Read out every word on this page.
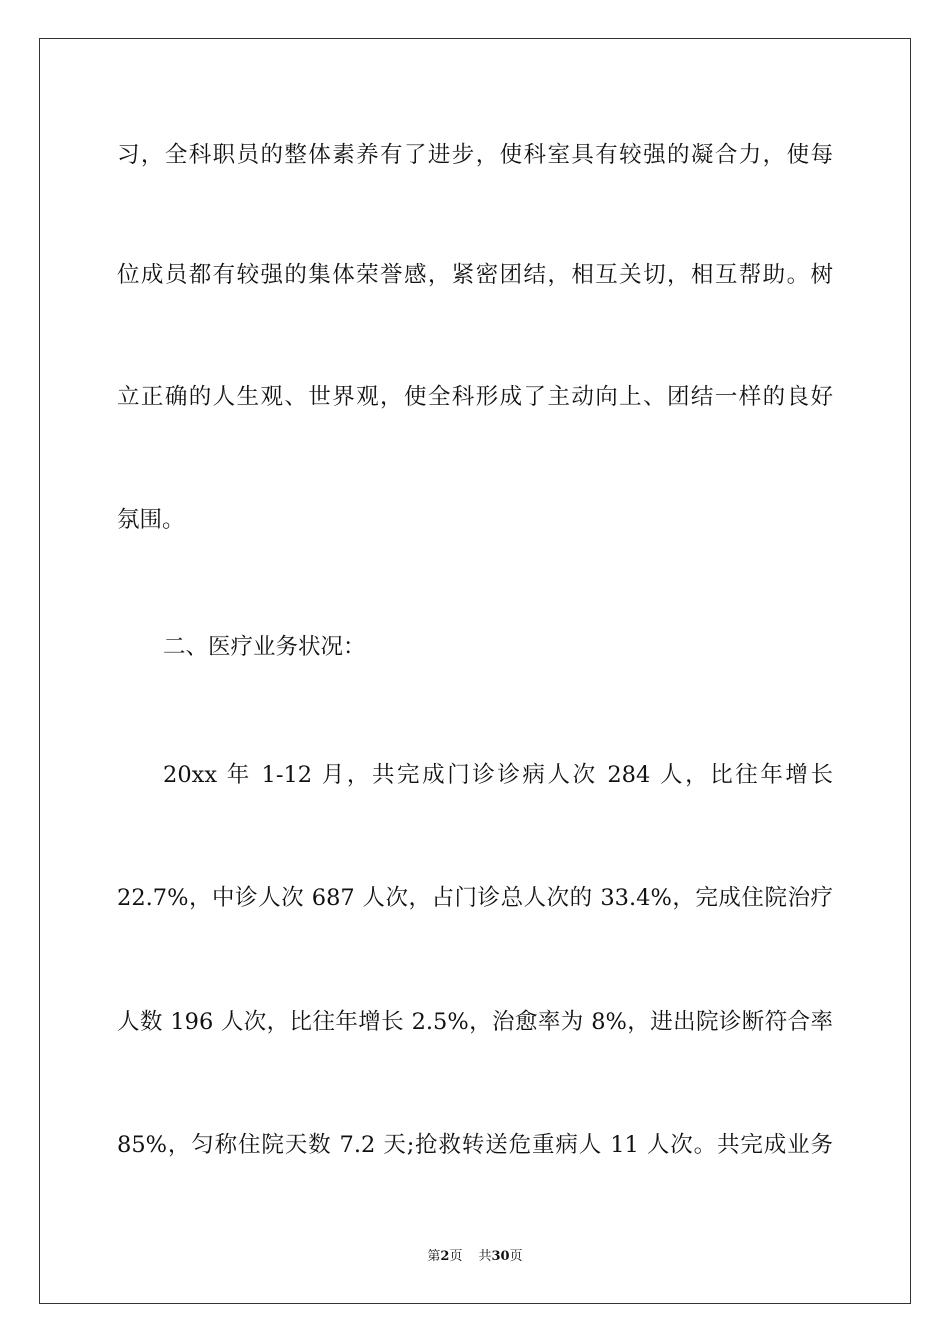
习，全科职员的整体素养有了进步，使科室具有较强的凝合力，使每
位成员都有较强的集体荣誉感，紧密团结，相互关切，相互帮助。树
立正确的人生观、世界观，使全科形成了主动向上、团结一样的良好
氛围。
二、医疗业务状况：
20xx 年 1-12 月，共完成门诊诊病人次 284 人，比往年增长
22.7%，中诊人次 687 人次，占门诊总人次的 33.4%，完成住院治疗
人数 196 人次，比往年增长 2.5%，治愈率为 8%，进出院诊断符合率
85%，匀称住院天数 7.2 天;抢救转送危重病人 11 人次。共完成业务
第2页 共30页
